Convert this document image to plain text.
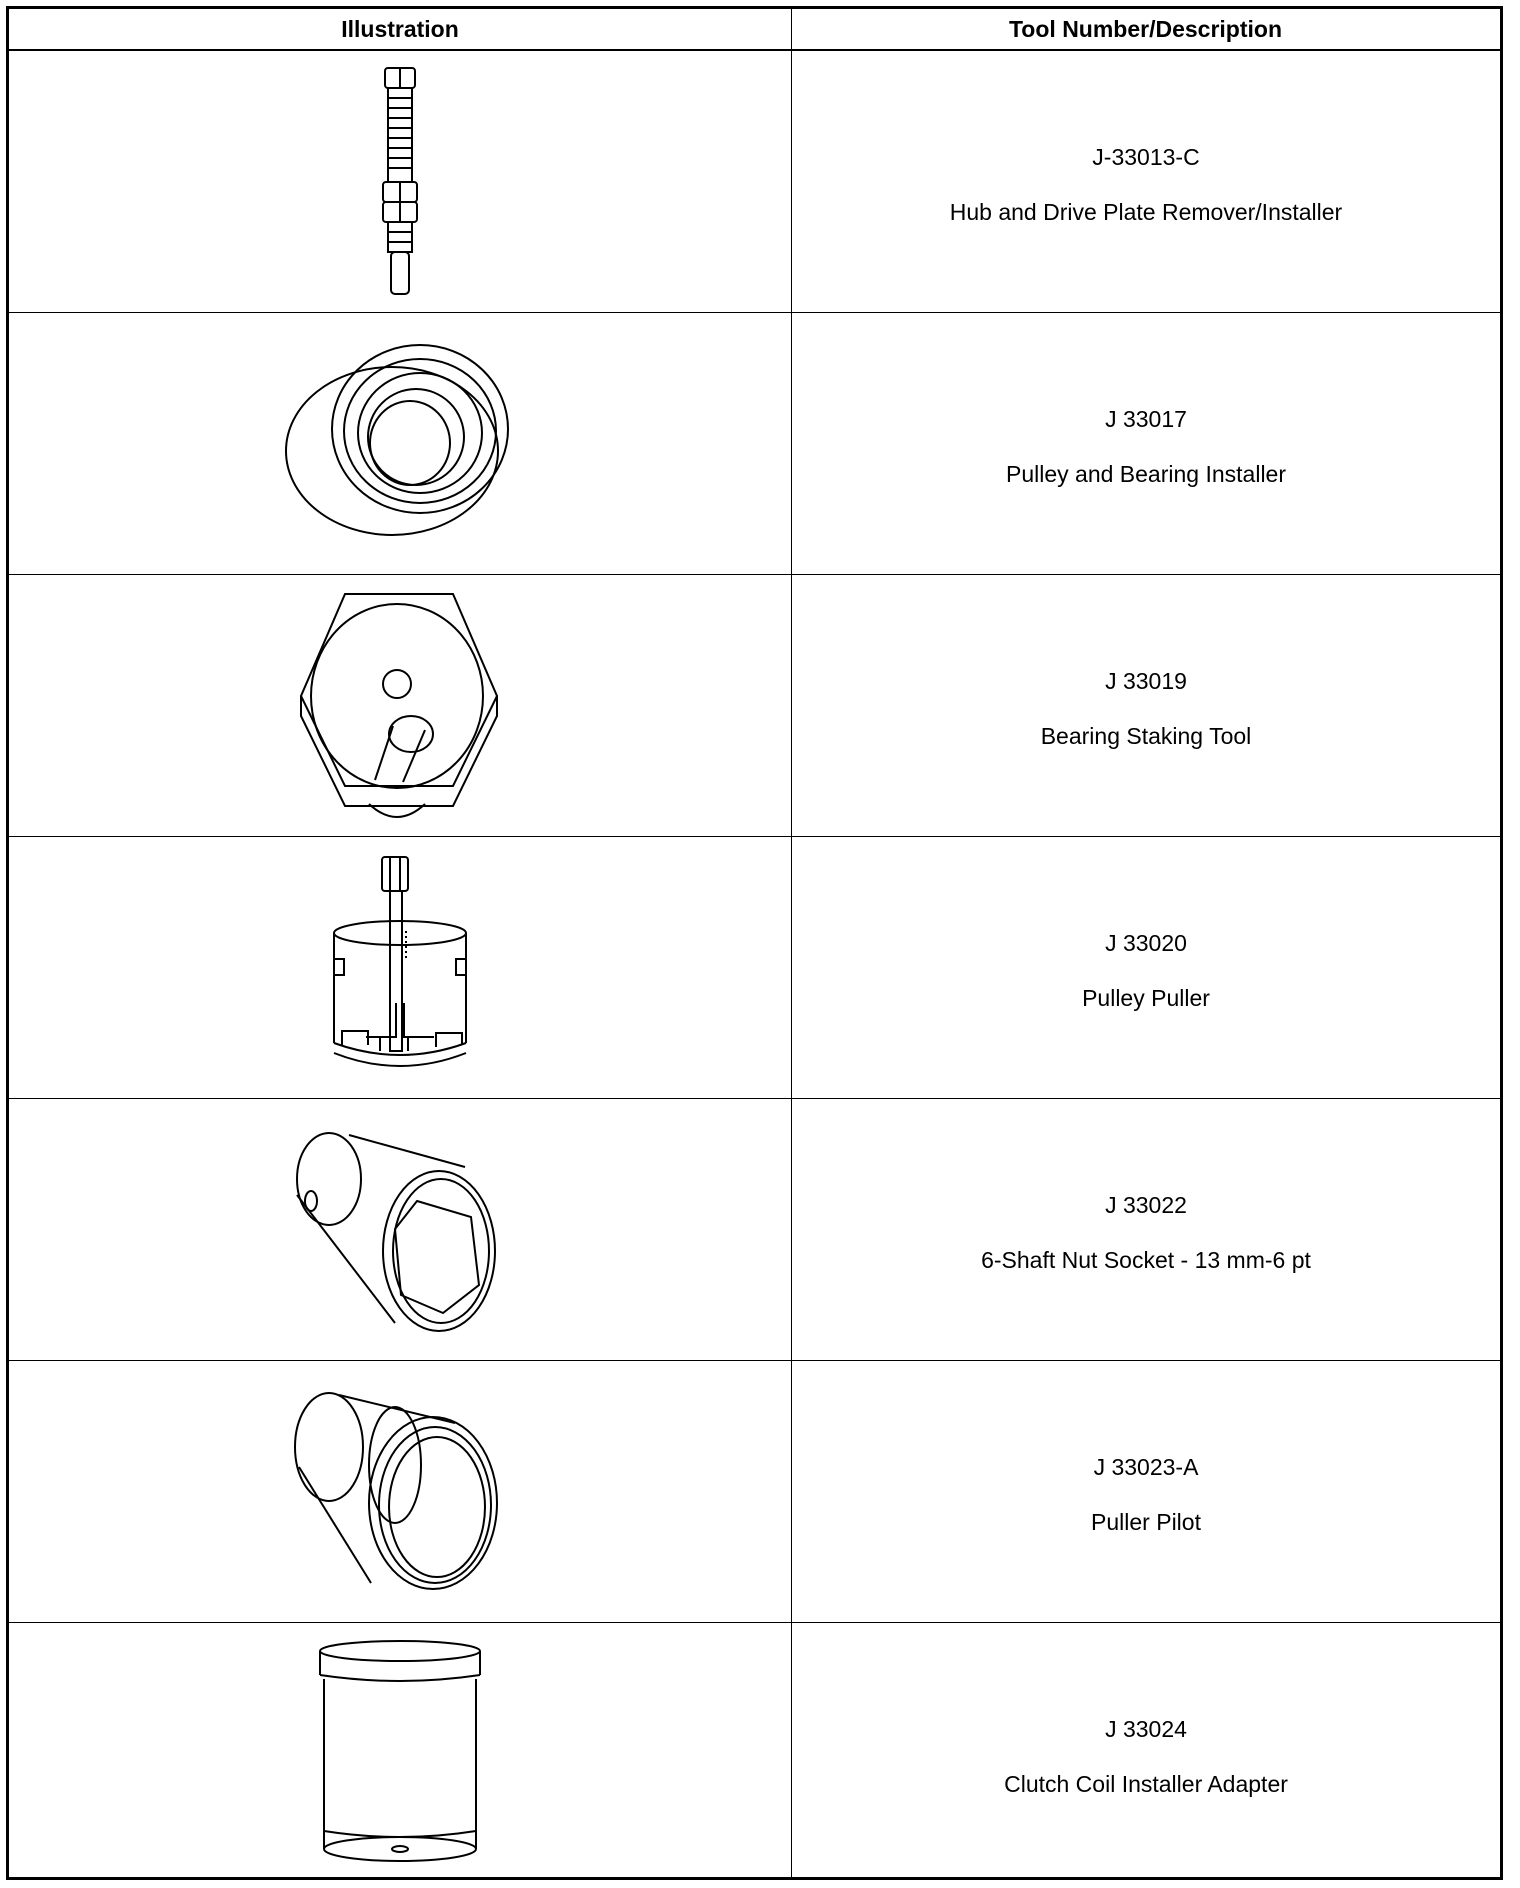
Illustration	Tool Number/Description
J-33013-C
Hub and Drive Plate Remover/Installer
J 33017
Pulley and Bearing Installer
J 33019
Bearing Staking Tool
J 33020
Pulley Puller
J 33022
6-Shaft Nut Socket - 13 mm-6 pt
J 33023-A
Puller Pilot
J 33024
Clutch Coil Installer Adapter
